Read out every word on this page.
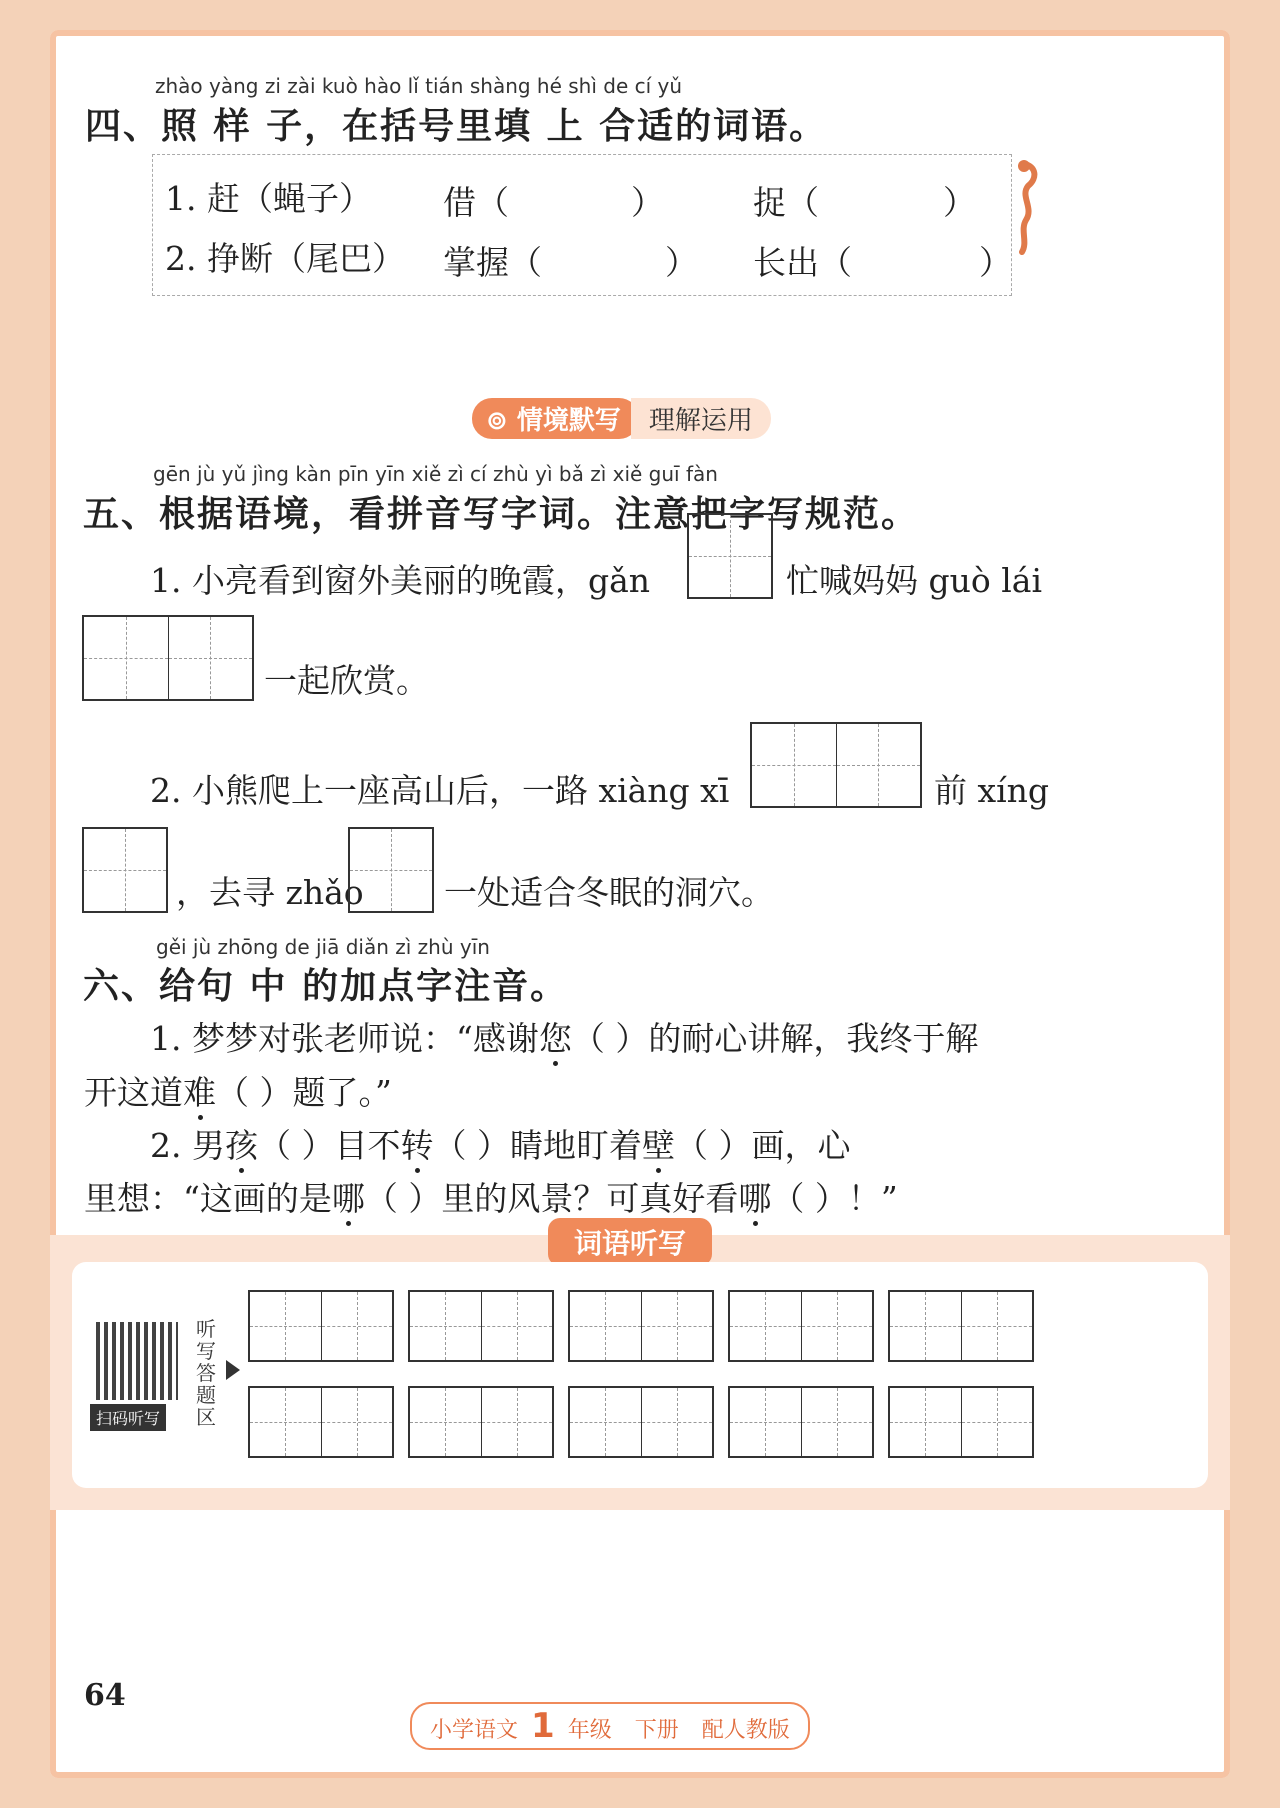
zhào yàng zi zài kuò hào lǐ tián shàng hé shì de cí yǔ
四、照 样 子，在括号里填 上 合适的词语。
1. 赶（蝇子） 借（	）	捉（	）
2. 挣断（尾巴） 掌握（	） 长出（	）
⊚ 情境默写	理解运用
gēn jù yǔ jìng kàn pīn yīn xiě zì cí zhù yì bǎ zì xiě guī fàn
五、根据语境，看拼音写字词。注意把字写规范。
1. 小亮看到窗外美丽的晚霞，gǎn	忙喊妈妈 guò lái
一起欣赏。
2. 小熊爬上一座高山后，一路 xiàng xī	前 xíng
，去寻 zhǎo 一处适合冬眠的洞穴。
gěi jù zhōng de jiā diǎn zì zhù yīn
六、给句 中 的加点字注音。
1. 梦梦对张老师说：“感谢您（ ）的耐心讲解，我终于解
开这道难（ ）题了。”
2. 男孩（ ）目不转（ ）睛地盯着壁（ ）画，心
里想：“这画的是哪（ ）里的风景？可真好看哪（ ）！”
词语听写
扫码听写
听写答题区
64
小学语文 1 年级 下册 配人教版
